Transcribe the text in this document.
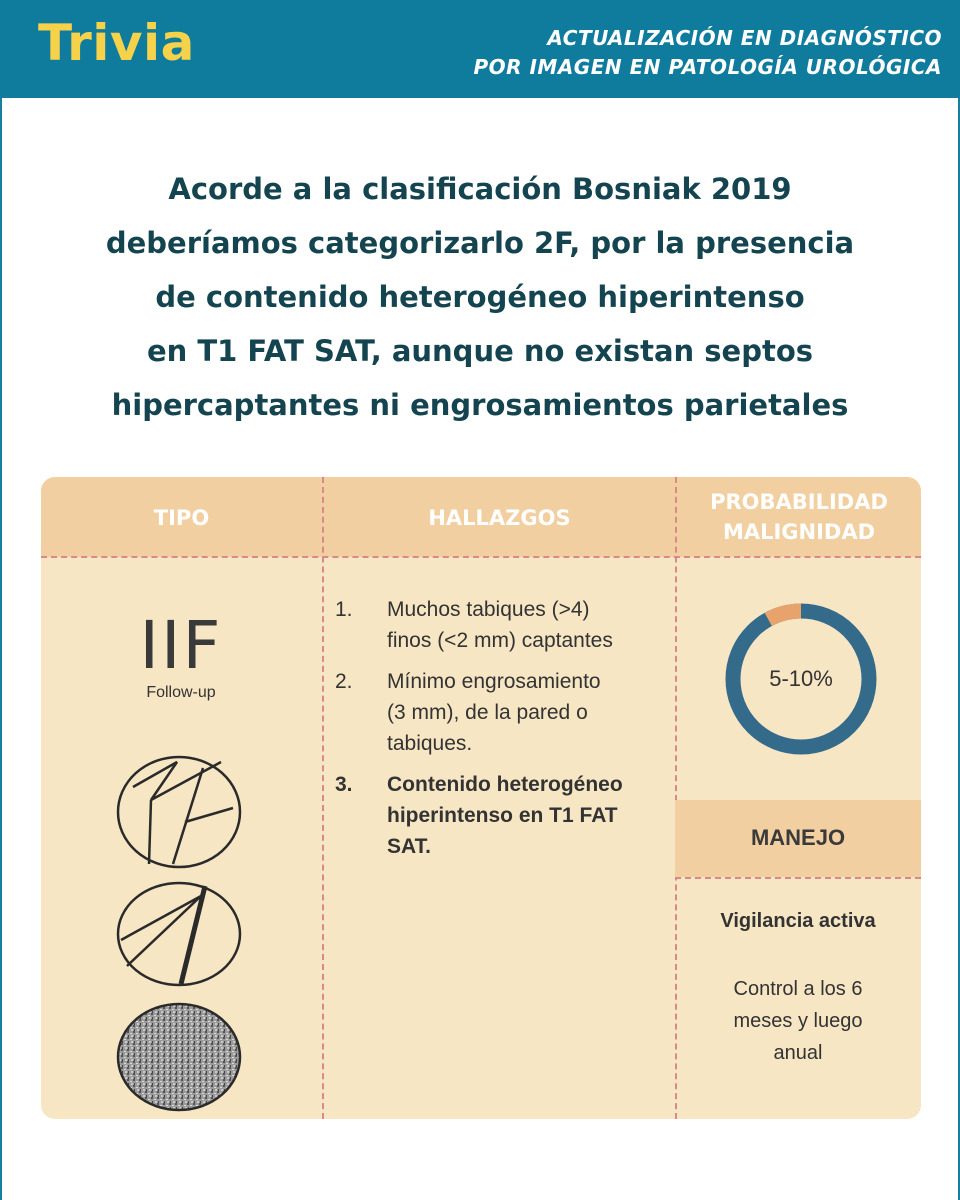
Trivia	ACTUALIZACIÓN EN DIAGNÓSTICO
POR IMAGEN EN PATOLOGÍA UROLÓGICA
Acorde a la clasificación Bosniak 2019
deberíamos categorizarlo 2F, por la presencia
de contenido heterogéneo hiperintenso
en T1 FAT SAT, aunque no existan septos
hipercaptantes ni engrosamientos parietales
TIPO	HALLAZGOS
PROBABILIDAD
MALIGNIDAD
IIF
Follow-up
1. Muchos tabiques (>4)
finos (<2 mm) captantes
2. Mínimo engrosamiento
(3 mm), de la pared o
tabiques.
3. Contenido heterogéneo
hiperintenso en T1 FAT
SAT.
5-10%
MANEJO
Vigilancia activa
Control a los 6
meses y luego
anual
